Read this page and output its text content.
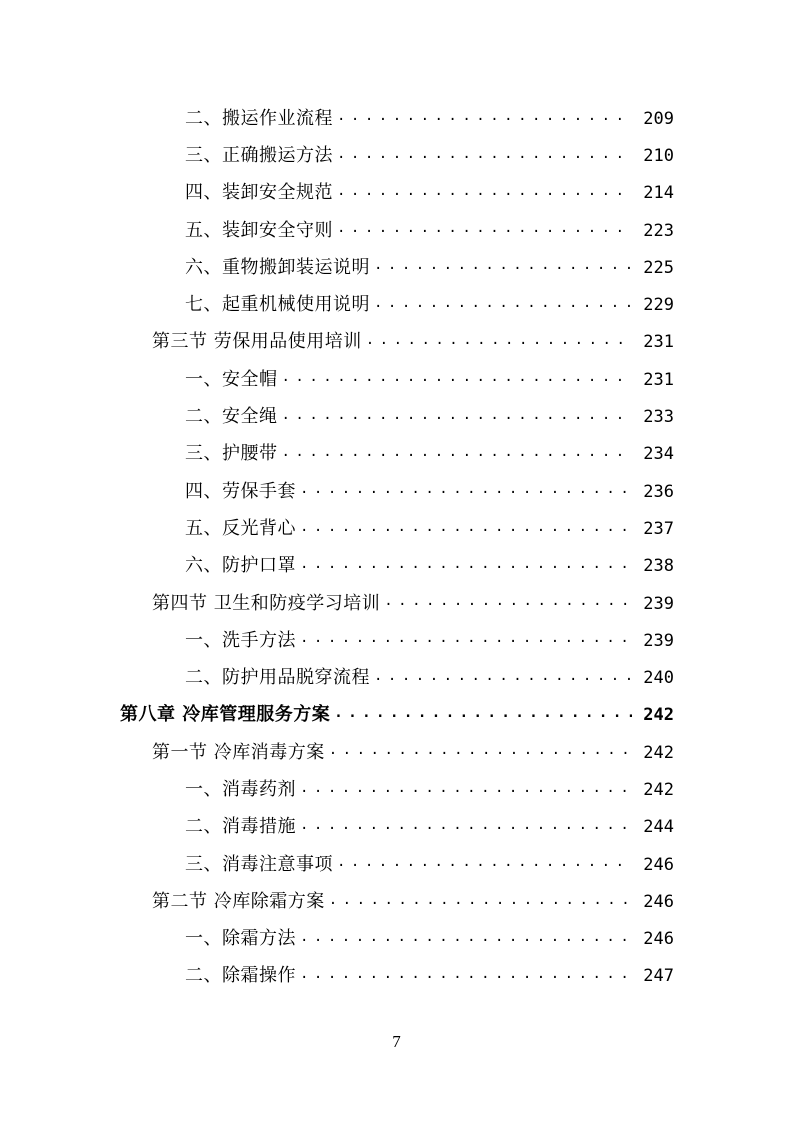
二、搬运作业流程 .....	209
三、正确搬运方法 .....	210
四、装卸安全规范 .....	214
五、装卸安全守则 .....	223
六、重物搬卸装运说明 .....	225
七、起重机械使用说明 .....	229
第三节 劳保用品使用培训 .....	231
一、安全帽 .....	231
二、安全绳 .....	233
三、护腰带 .....	234
四、劳保手套 .....	236
五、反光背心 .....	237
六、防护口罩 .....	238
第四节 卫生和防疫学习培训 .....	239
一、洗手方法 .....	239
二、防护用品脱穿流程 .....	240
第八章 冷库管理服务方案 .....	242
第一节 冷库消毒方案 .....	242
一、消毒药剂 .....	242
二、消毒措施 .....	244
三、消毒注意事项 .....	246
第二节 冷库除霜方案 .....	246
一、除霜方法 .....	246
二、除霜操作 .....	247
7
